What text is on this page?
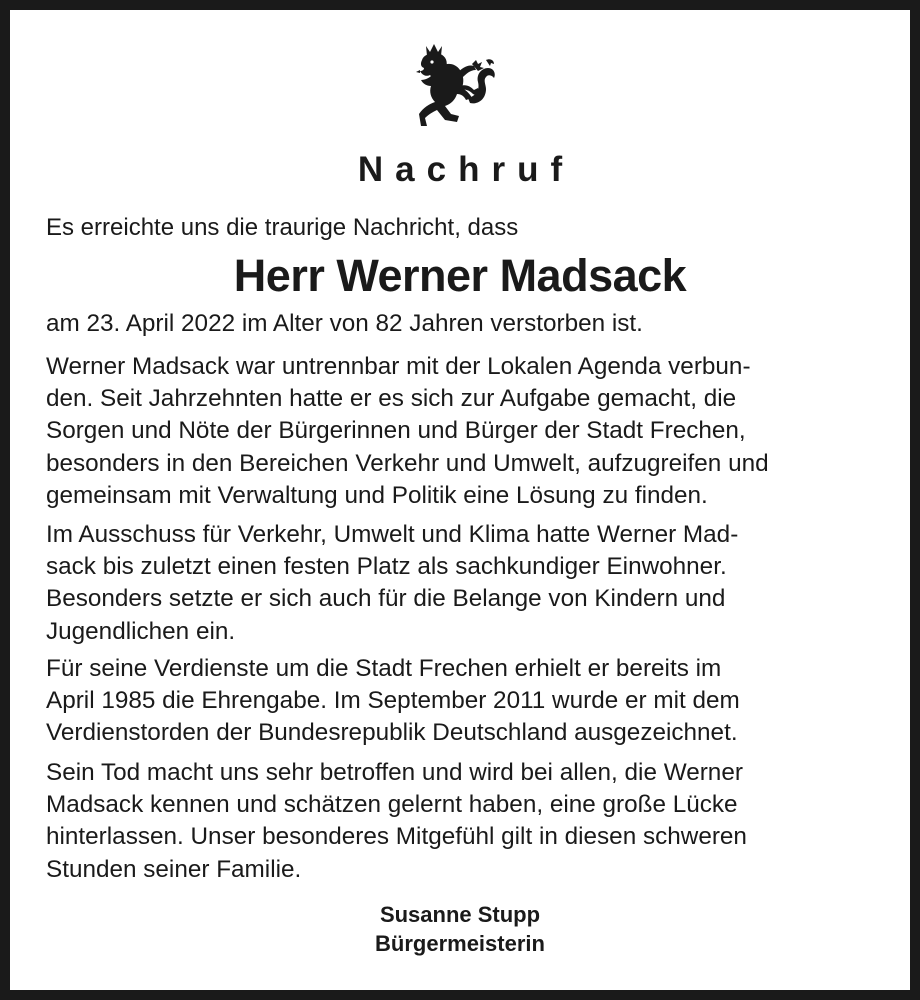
Nachruf
Es erreichte uns die traurige Nachricht, dass
Herr Werner Madsack

am 23. April 2022 im Alter von 82 Jahren verstorben ist.

Werner Madsack war untrennbar mit der Lokalen Agenda verbun-
den. Seit Jahrzehnten hatte er es sich zur Aufgabe gemacht, die
Sorgen und Nöte der Bürgerinnen und Bürger der Stadt Frechen,
besonders in den Bereichen Verkehr und Umwelt, aufzugreifen und
gemeinsam mit Verwaltung und Politik eine Lösung zu finden.

Im Ausschuss für Verkehr, Umwelt und Klima hatte Werner Mad-
sack bis zuletzt einen festen Platz als sachkundiger Einwohner.
Besonders setzte er sich auch für die Belange von Kindern und
Jugendlichen ein.

Für seine Verdienste um die Stadt Frechen erhielt er bereits im
April 1985 die Ehrengabe. Im September 2011 wurde er mit dem
Verdienstorden der Bundesrepublik Deutschland ausgezeichnet.

Sein Tod macht uns sehr betroffen und wird bei allen, die Werner
Madsack kennen und schätzen gelernt haben, eine große Lücke
hinterlassen. Unser besonderes Mitgefühl gilt in diesen schweren
Stunden seiner Familie.

Susanne Stupp
Bürgermeisterin
